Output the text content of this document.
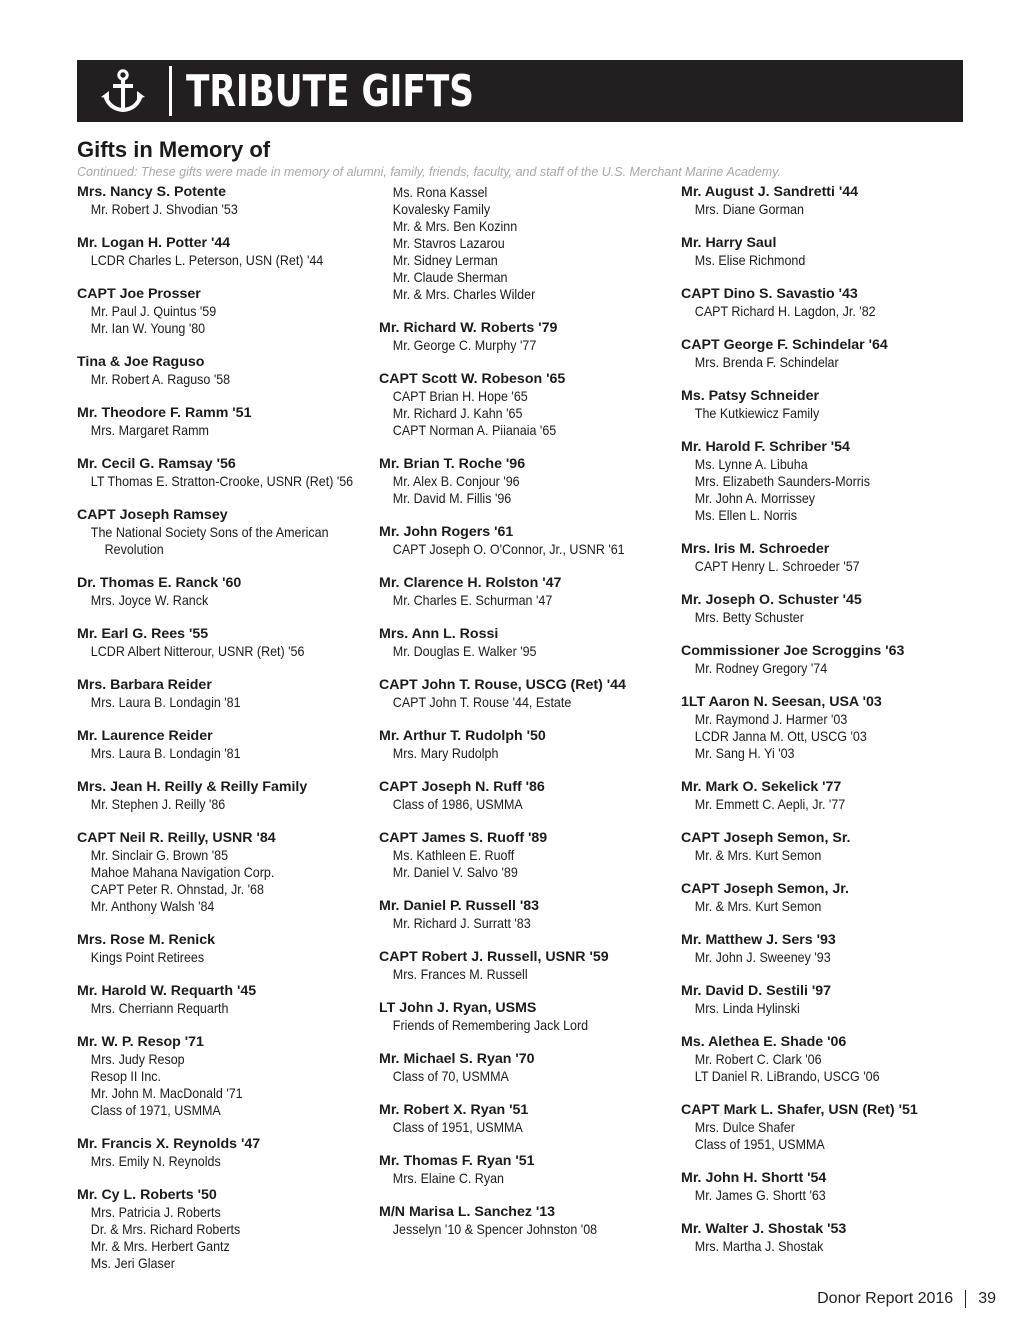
TRIBUTE GIFTS
Gifts in Memory of
Continued: These gifts were made in memory of alumni, family, friends, faculty, and staff of the U.S. Merchant Marine Academy.
Mrs. Nancy S. Potente
Mr. Robert J. Shvodian '53
Mr. Logan H. Potter '44
LCDR Charles L. Peterson, USN (Ret) '44
CAPT Joe Prosser
Mr. Paul J. Quintus '59
Mr. Ian W. Young '80
Tina & Joe Raguso
Mr. Robert A. Raguso '58
Mr. Theodore F. Ramm '51
Mrs. Margaret Ramm
Mr. Cecil G. Ramsay '56
LT Thomas E. Stratton-Crooke, USNR (Ret) '56
CAPT Joseph Ramsey
The National Society Sons of the American
Revolution
Dr. Thomas E. Ranck '60
Mrs. Joyce W. Ranck
Mr. Earl G. Rees '55
LCDR Albert Nitterour, USNR (Ret) '56
Mrs. Barbara Reider
Mrs. Laura B. Londagin '81
Mr. Laurence Reider
Mrs. Laura B. Londagin '81
Mrs. Jean H. Reilly & Reilly Family
Mr. Stephen J. Reilly '86
CAPT Neil R. Reilly, USNR '84
Mr. Sinclair G. Brown '85
Mahoe Mahana Navigation Corp.
CAPT Peter R. Ohnstad, Jr. '68
Mr. Anthony Walsh '84
Mrs. Rose M. Renick
Kings Point Retirees
Mr. Harold W. Requarth '45
Mrs. Cherriann Requarth
Mr. W. P. Resop '71
Mrs. Judy Resop
Resop II Inc.
Mr. John M. MacDonald '71
Class of 1971, USMMA
Mr. Francis X. Reynolds '47
Mrs. Emily N. Reynolds
Mr. Cy L. Roberts '50
Mrs. Patricia J. Roberts
Dr. & Mrs. Richard Roberts
Mr. & Mrs. Herbert Gantz
Ms. Jeri Glaser
Ms. Rona Kassel
Kovalesky Family
Mr. & Mrs. Ben Kozinn
Mr. Stavros Lazarou
Mr. Sidney Lerman
Mr. Claude Sherman
Mr. & Mrs. Charles Wilder
Mr. Richard W. Roberts '79
Mr. George C. Murphy '77
CAPT Scott W. Robeson '65
CAPT Brian H. Hope '65
Mr. Richard J. Kahn '65
CAPT Norman A. Piianaia '65
Mr. Brian T. Roche '96
Mr. Alex B. Conjour '96
Mr. David M. Fillis '96
Mr. John Rogers '61
CAPT Joseph O. O'Connor, Jr., USNR '61
Mr. Clarence H. Rolston '47
Mr. Charles E. Schurman '47
Mrs. Ann L. Rossi
Mr. Douglas E. Walker '95
CAPT John T. Rouse, USCG (Ret) '44
CAPT John T. Rouse '44, Estate
Mr. Arthur T. Rudolph '50
Mrs. Mary Rudolph
CAPT Joseph N. Ruff '86
Class of 1986, USMMA
CAPT James S. Ruoff '89
Ms. Kathleen E. Ruoff
Mr. Daniel V. Salvo '89
Mr. Daniel P. Russell '83
Mr. Richard J. Surratt '83
CAPT Robert J. Russell, USNR '59
Mrs. Frances M. Russell
LT John J. Ryan, USMS
Friends of Remembering Jack Lord
Mr. Michael S. Ryan '70
Class of 70, USMMA
Mr. Robert X. Ryan '51
Class of 1951, USMMA
Mr. Thomas F. Ryan '51
Mrs. Elaine C. Ryan
M/N Marisa L. Sanchez '13
Jesselyn '10 & Spencer Johnston '08
Mr. August J. Sandretti '44
Mrs. Diane Gorman
Mr. Harry Saul
Ms. Elise Richmond
CAPT Dino S. Savastio '43
CAPT Richard H. Lagdon, Jr. '82
CAPT George F. Schindelar '64
Mrs. Brenda F. Schindelar
Ms. Patsy Schneider
The Kutkiewicz Family
Mr. Harold F. Schriber '54
Ms. Lynne A. Libuha
Mrs. Elizabeth Saunders-Morris
Mr. John A. Morrissey
Ms. Ellen L. Norris
Mrs. Iris M. Schroeder
CAPT Henry L. Schroeder '57
Mr. Joseph O. Schuster '45
Mrs. Betty Schuster
Commissioner Joe Scroggins '63
Mr. Rodney Gregory '74
1LT Aaron N. Seesan, USA '03
Mr. Raymond J. Harmer '03
LCDR Janna M. Ott, USCG '03
Mr. Sang H. Yi '03
Mr. Mark O. Sekelick '77
Mr. Emmett C. Aepli, Jr. '77
CAPT Joseph Semon, Sr.
Mr. & Mrs. Kurt Semon
CAPT Joseph Semon, Jr.
Mr. & Mrs. Kurt Semon
Mr. Matthew J. Sers '93
Mr. John J. Sweeney '93
Mr. David D. Sestili '97
Mrs. Linda Hylinski
Ms. Alethea E. Shade '06
Mr. Robert C. Clark '06
LT Daniel R. LiBrando, USCG '06
CAPT Mark L. Shafer, USN (Ret) '51
Mrs. Dulce Shafer
Class of 1951, USMMA
Mr. John H. Shortt '54
Mr. James G. Shortt '63
Mr. Walter J. Shostak '53
Mrs. Martha J. Shostak
Donor Report 2016 39
